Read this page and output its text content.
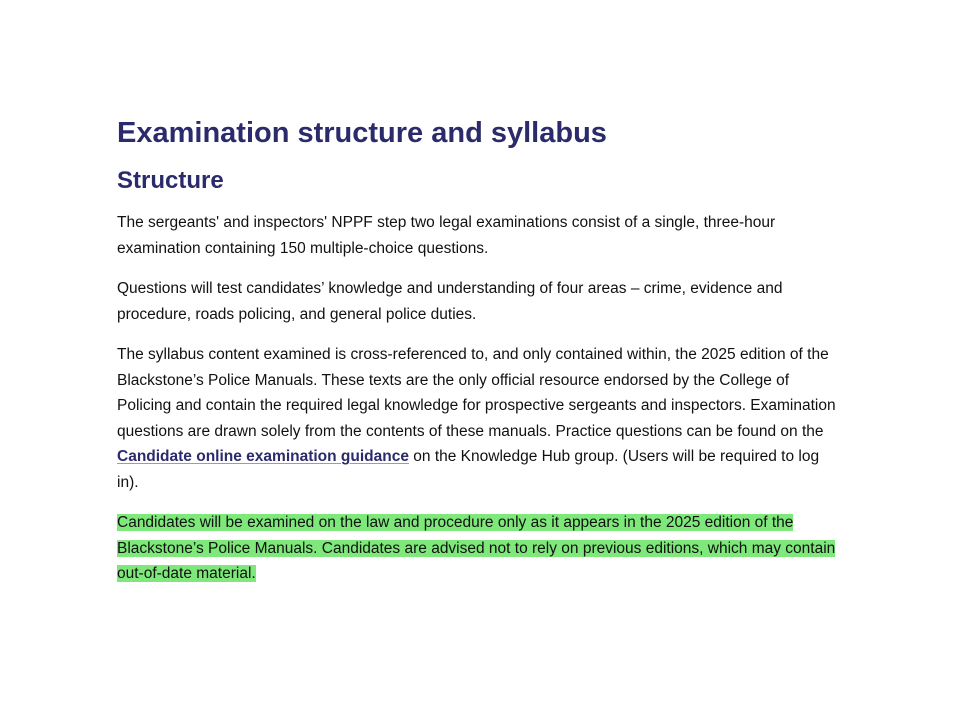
Examination structure and syllabus
Structure

The sergeants' and inspectors' NPPF step two legal examinations consist of a single, three-hour examination containing 150 multiple-choice questions.

Questions will test candidates’ knowledge and understanding of four areas – crime, evidence and procedure, roads policing, and general police duties.

The syllabus content examined is cross-referenced to, and only contained within, the 2025 edition of the Blackstone’s Police Manuals. These texts are the only official resource endorsed by the College of Policing and contain the required legal knowledge for prospective sergeants and inspectors. Examination questions are drawn solely from the contents of these manuals. Practice questions can be found on the Candidate online examination guidance on the Knowledge Hub group. (Users will be required to log in).

Candidates will be examined on the law and procedure only as it appears in the 2025 edition of the Blackstone’s Police Manuals. Candidates are advised not to rely on previous editions, which may contain out-of-date material.
